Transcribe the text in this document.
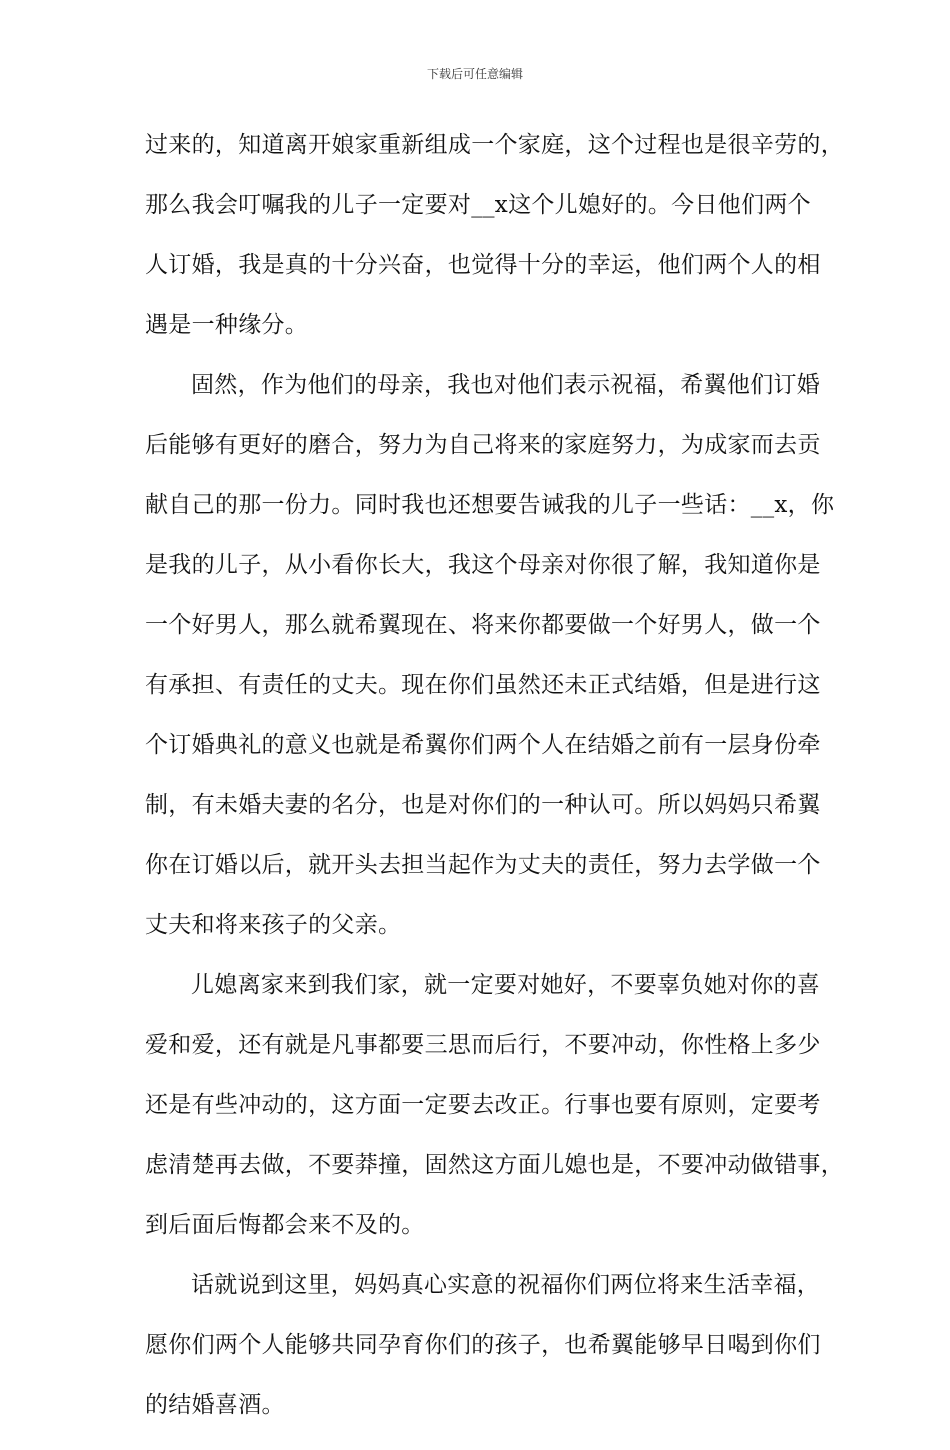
下载后可任意编辑
过来的，知道离开娘家重新组成一个家庭，这个过程也是很辛劳的，
那么我会叮嘱我的儿子一定要对__x这个儿媳好的。今日他们两个
人订婚，我是真的十分兴奋，也觉得十分的幸运，他们两个人的相
遇是一种缘分。
固然，作为他们的母亲，我也对他们表示祝福，希翼他们订婚
后能够有更好的磨合，努力为自己将来的家庭努力，为成家而去贡
献自己的那一份力。同时我也还想要告诫我的儿子一些话：__x，你
是我的儿子，从小看你长大，我这个母亲对你很了解，我知道你是
一个好男人，那么就希翼现在、将来你都要做一个好男人，做一个
有承担、有责任的丈夫。现在你们虽然还未正式结婚，但是进行这
个订婚典礼的意义也就是希翼你们两个人在结婚之前有一层身份牵
制，有未婚夫妻的名分，也是对你们的一种认可。所以妈妈只希翼
你在订婚以后，就开头去担当起作为丈夫的责任，努力去学做一个
丈夫和将来孩子的父亲。
儿媳离家来到我们家，就一定要对她好，不要辜负她对你的喜
爱和爱，还有就是凡事都要三思而后行，不要冲动，你性格上多少
还是有些冲动的，这方面一定要去改正。行事也要有原则，定要考
虑清楚再去做，不要莽撞，固然这方面儿媳也是，不要冲动做错事，
到后面后悔都会来不及的。
话就说到这里，妈妈真心实意的祝福你们两位将来生活幸福，
愿你们两个人能够共同孕育你们的孩子，也希翼能够早日喝到你们
的结婚喜酒。
